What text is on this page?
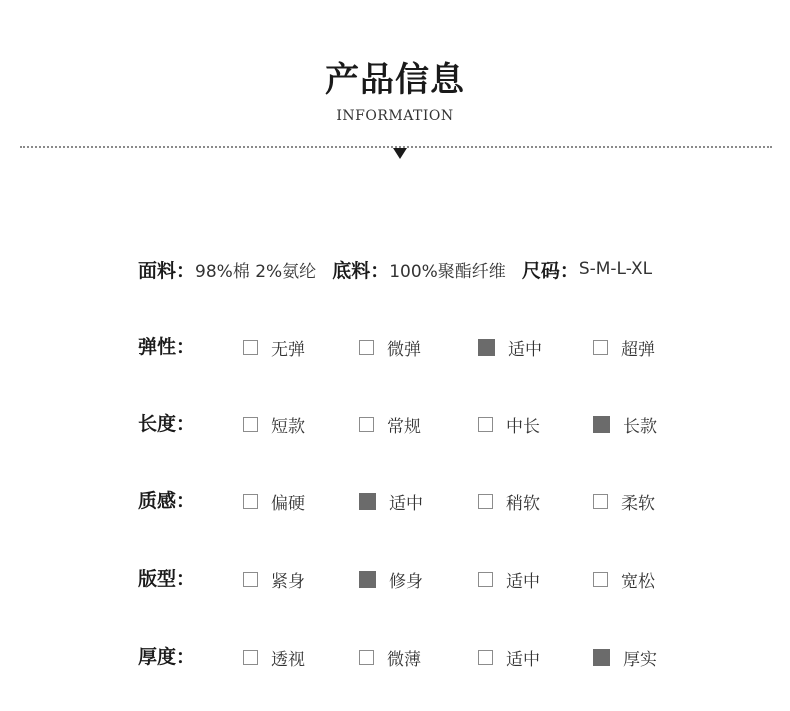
产品信息
INFORMATION
面料： 98%棉 2%氨纶 底料： 100%聚酯纤维 尺码： S-M-L-XL
弹性：	无弹	微弹	适中	超弹
长度：	短款	常规	中长	长款
质感：	偏硬	适中	稍软	柔软
版型：	紧身	修身	适中	宽松
厚度：	透视	微薄	适中	厚实
